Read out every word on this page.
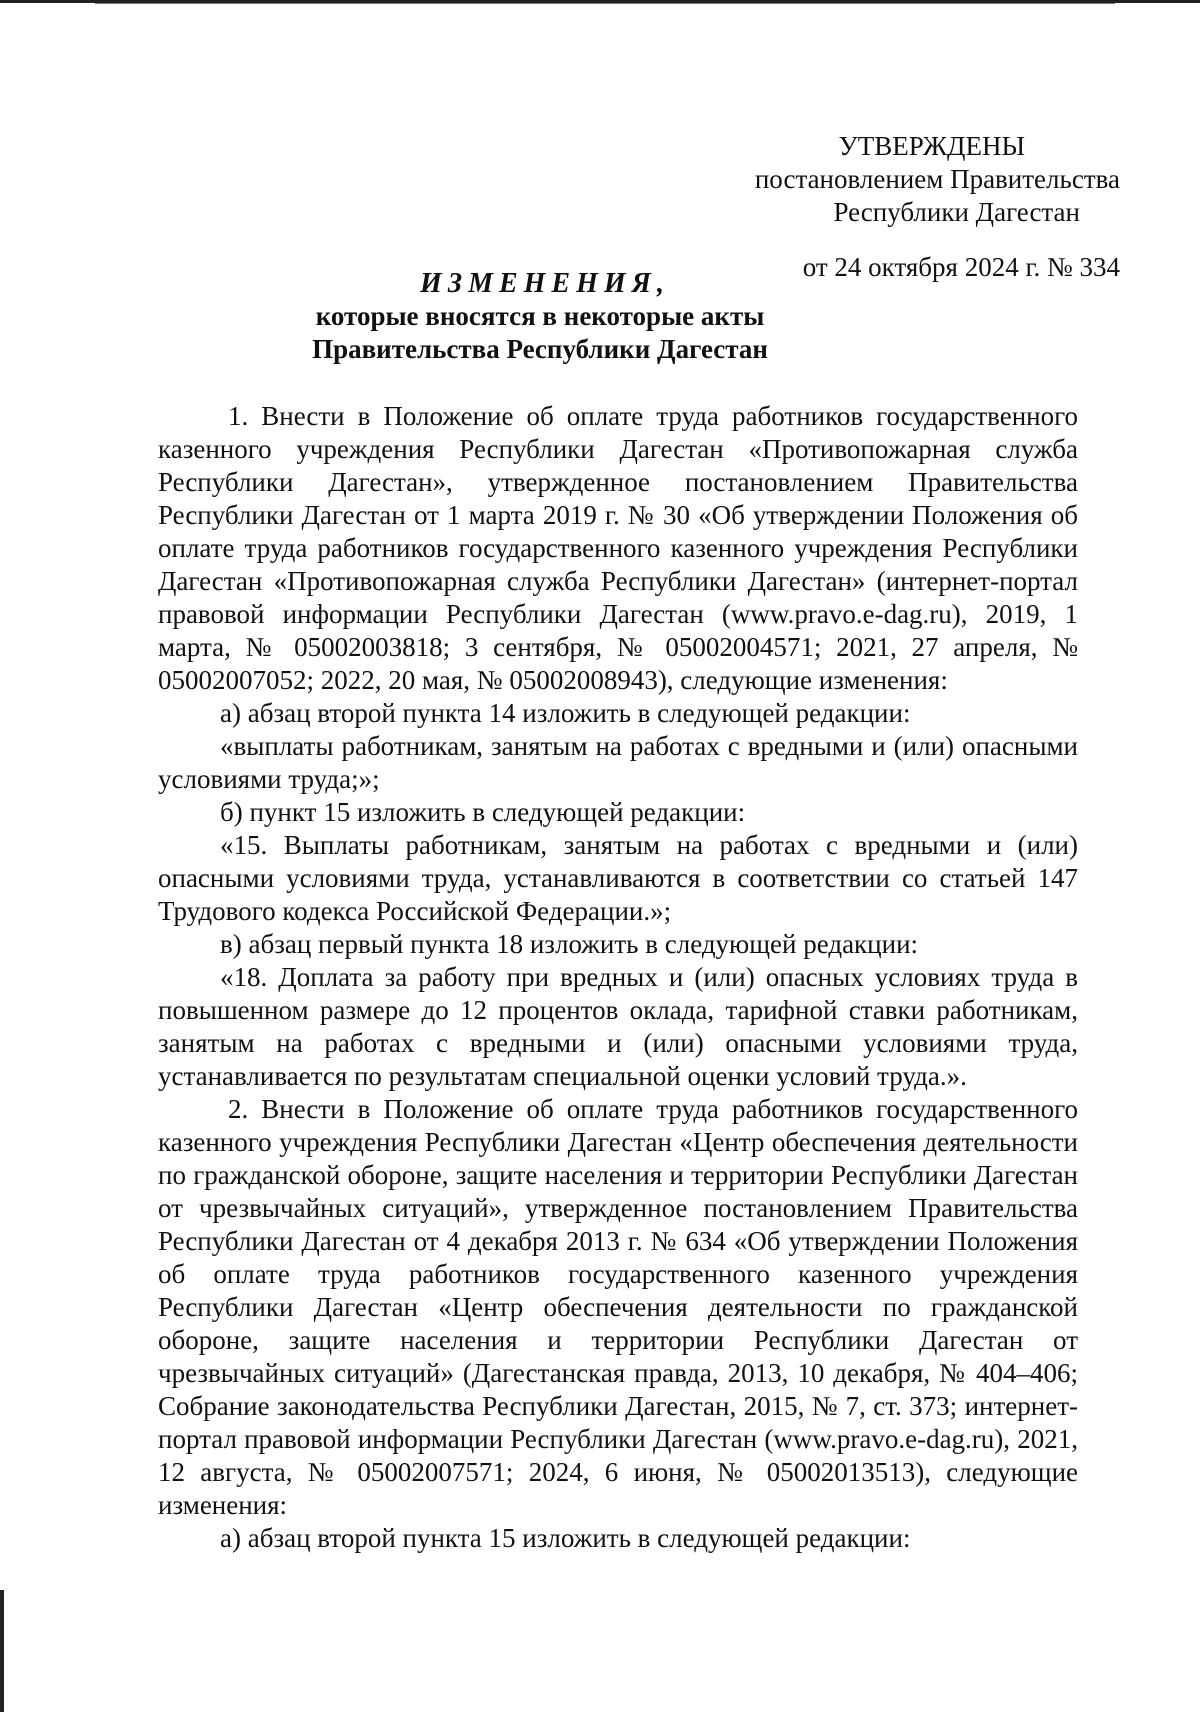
УТВЕРЖДЕНЫ
постановлением Правительства
Республики Дагестан
от 24 октября 2024 г. № 334
ИЗМЕНЕНИЯ,
которые вносятся в некоторые акты
Правительства Республики Дагестан

1. Внести в Положение об оплате труда работников государственного казенного учреждения Республики Дагестан «Противопожарная служба Республики Дагестан», утвержденное постановлением Правительства Республики Дагестан от 1 марта 2019 г. № 30 «Об утверждении Положения об оплате труда работников государственного казенного учреждения Республики Дагестан «Противопожарная служба Республики Дагестан» (интернет-портал правовой информации Республики Дагестан (www.pravo.e-dag.ru), 2019, 1 марта, № 05002003818; 3 сентября, № 05002004571; 2021, 27 апреля, № 05002007052; 2022, 20 мая, № 05002008943), следующие изменения:

а) абзац второй пункта 14 изложить в следующей редакции:

«выплаты работникам, занятым на работах с вредными и (или) опасными условиями труда;»;

б) пункт 15 изложить в следующей редакции:

«15. Выплаты работникам, занятым на работах с вредными и (или) опасными условиями труда, устанавливаются в соответствии со статьей 147 Трудового кодекса Российской Федерации.»;

в) абзац первый пункта 18 изложить в следующей редакции:

«18. Доплата за работу при вредных и (или) опасных условиях труда в повышенном размере до 12 процентов оклада, тарифной ставки работникам, занятым на работах с вредными и (или) опасными условиями труда, устанавливается по результатам специальной оценки условий труда.».

2. Внести в Положение об оплате труда работников государственного казенного учреждения Республики Дагестан «Центр обеспечения деятельности по гражданской обороне, защите населения и территории Республики Дагестан от чрезвычайных ситуаций», утвержденное постановлением Правительства Республики Дагестан от 4 декабря 2013 г. № 634 «Об утверждении Положения об оплате труда работников государственного казенного учреждения Республики Дагестан «Центр обеспечения деятельности по гражданской обороне, защите населения и территории Республики Дагестан от чрезвычайных ситуаций» (Дагестанская правда, 2013, 10 декабря, № 404–406; Собрание законодательства Республики Дагестан, 2015, № 7, ст. 373; интернет-портал правовой информации Республики Дагестан (www.pravo.e-dag.ru), 2021, 12 августа, № 05002007571; 2024, 6 июня, № 05002013513), следующие изменения:

а) абзац второй пункта 15 изложить в следующей редакции:
